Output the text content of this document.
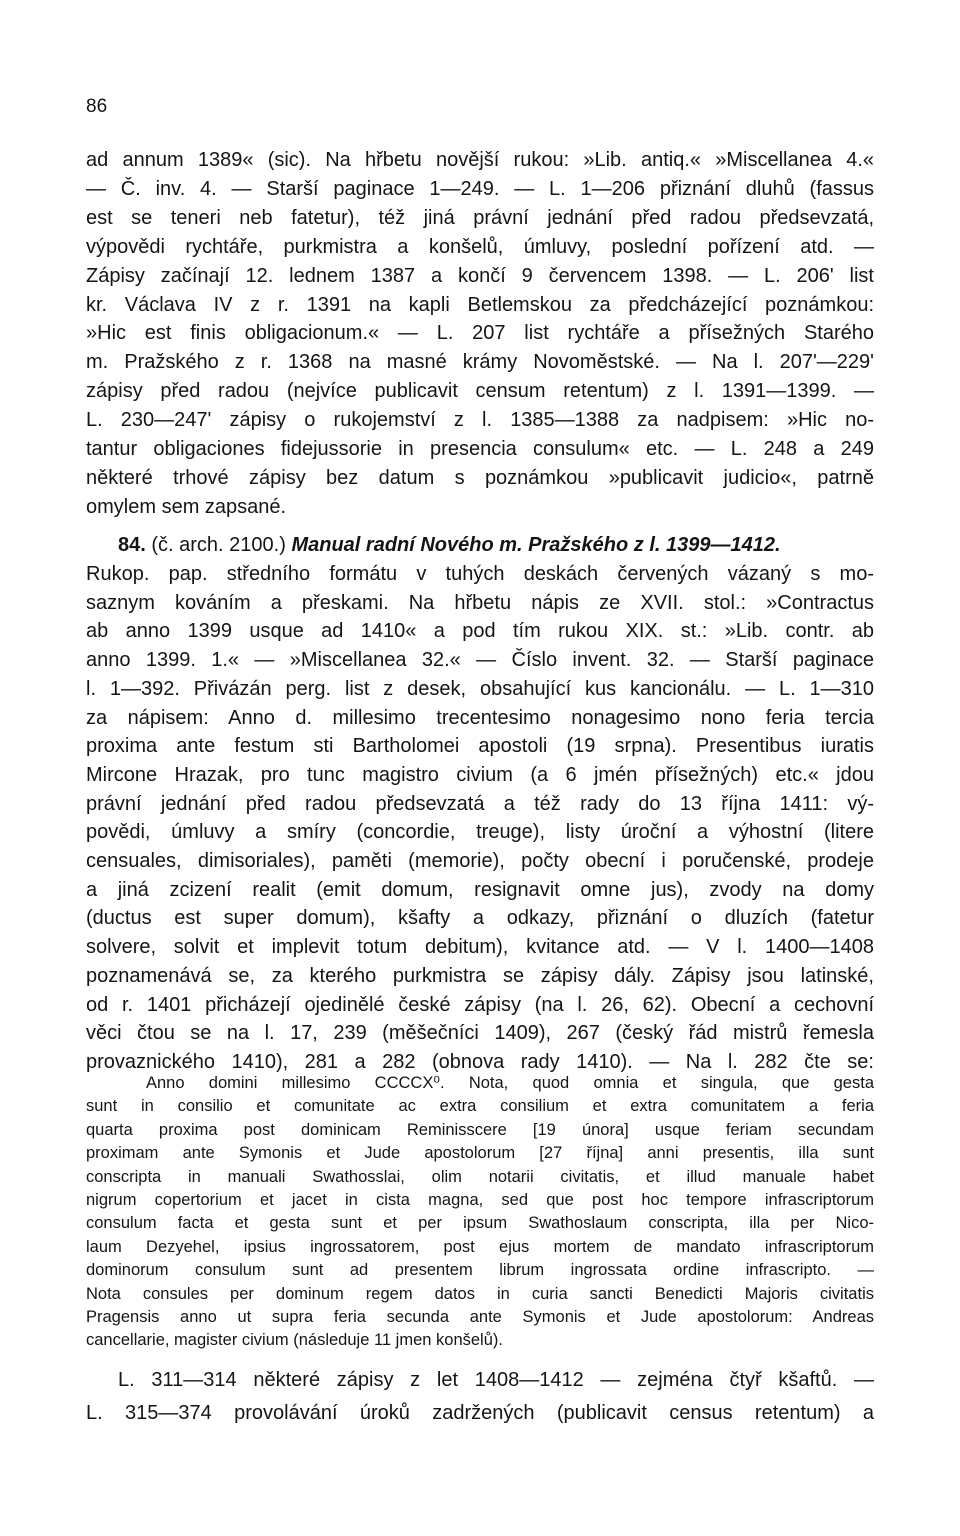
86
ad annum 1389« (sic). Na hřbetu novější rukou: »Lib. antiq.« »Miscellanea 4.«
— Č. inv. 4. — Starší paginace 1—249. — L. 1—206 přiznání dluhů (fassus
est se teneri neb fatetur), též jiná právní jednání před radou předsevzatá,
výpovědi rychtáře, purkmistra a konšelů, úmluvy, poslední pořízení atd. —
Zápisy začínají 12. lednem 1387 a končí 9 červencem 1398. — L. 206' list
kr. Václava IV z r. 1391 na kapli Betlemskou za předcházející poznámkou:
»Hic est finis obligacionum.« — L. 207 list rychtáře a přísežných Starého
m. Pražského z r. 1368 na masné krámy Novoměstské. — Na l. 207'—229'
zápisy před radou (nejvíce publicavit censum retentum) z l. 1391—1399. —
L. 230—247' zápisy o rukojemství z l. 1385—1388 za nadpisem: »Hic no-
tantur obligaciones fidejussorie in presencia consulum« etc. — L. 248 a 249
některé trhové zápisy bez datum s poznámkou »publicavit judicio«, patrně
omylem sem zapsané.
84. (č. arch. 2100.) Manual radní Nového m. Pražského z l. 1399—1412.
Rukop. pap. středního formátu v tuhých deskách červených vázaný s mo-
saznym kováním a přeskami. Na hřbetu nápis ze XVII. stol.: »Contractus
ab anno 1399 usque ad 1410« a pod tím rukou XIX. st.: »Lib. contr. ab
anno 1399. 1.« — »Miscellanea 32.« — Číslo invent. 32. — Starší paginace
l. 1—392. Přivázán perg. list z desek, obsahující kus kancionálu. — L. 1—310
za nápisem: Anno d. millesimo trecentesimo nonagesimo nono feria tercia
proxima ante festum sti Bartholomei apostoli (19 srpna). Presentibus iuratis
Mircone Hrazak, pro tunc magistro civium (a 6 jmén přísežných) etc.« jdou
právní jednání před radou předsevzatá a též rady do 13 října 1411: vý-
povědi, úmluvy a smíry (concordie, treuge), listy úroční a výhostní (litere
censuales, dimisoriales), paměti (memorie), počty obecní i poručenské, prodeje
a jiná zcizení realit (emit domum, resignavit omne jus), zvody na domy
(ductus est super domum), kšafty a odkazy, přiznání o dluzích (fatetur
solvere, solvit et implevit totum debitum), kvitance atd. — V l. 1400—1408
poznamenává se, za kterého purkmistra se zápisy dály. Zápisy jsou latinské,
od r. 1401 přicházejí ojedinělé české zápisy (na l. 26, 62). Obecní a cechovní
věci čtou se na l. 17, 239 (měšečníci 1409), 267 (český řád mistrů řemesla
provaznického 1410), 281 a 282 (obnova rady 1410). — Na l. 282 čte se:
Anno domini millesimo CCCCX⁰. Nota, quod omnia et singula, que gesta
sunt in consilio et comunitate ac extra consilium et extra comunitatem a feria
quarta proxima post dominicam Reminisscere [19 února] usque feriam secundam
proximam ante Symonis et Jude apostolorum [27 října] anni presentis, illa sunt
conscripta in manuali Swathosslai, olim notarii civitatis, et illud manuale habet
nigrum copertorium et jacet in cista magna, sed que post hoc tempore infrascriptorum
consulum facta et gesta sunt et per ipsum Swathoslaum conscripta, illa per Nico-
laum Dezyehel, ipsius ingrossatorem, post ejus mortem de mandato infrascriptorum
dominorum consulum sunt ad presentem librum ingrossata ordine infrascripto. —
Nota consules per dominum regem datos in curia sancti Benedicti Majoris civitatis
Pragensis anno ut supra feria secunda ante Symonis et Jude apostolorum: Andreas
cancellarie, magister civium (následuje 11 jmen konšelů).
L. 311—314 některé zápisy z let 1408—1412 — zejména čtyř kšaftů. —
L. 315—374 provolávání úroků zadržených (publicavit census retentum) a
